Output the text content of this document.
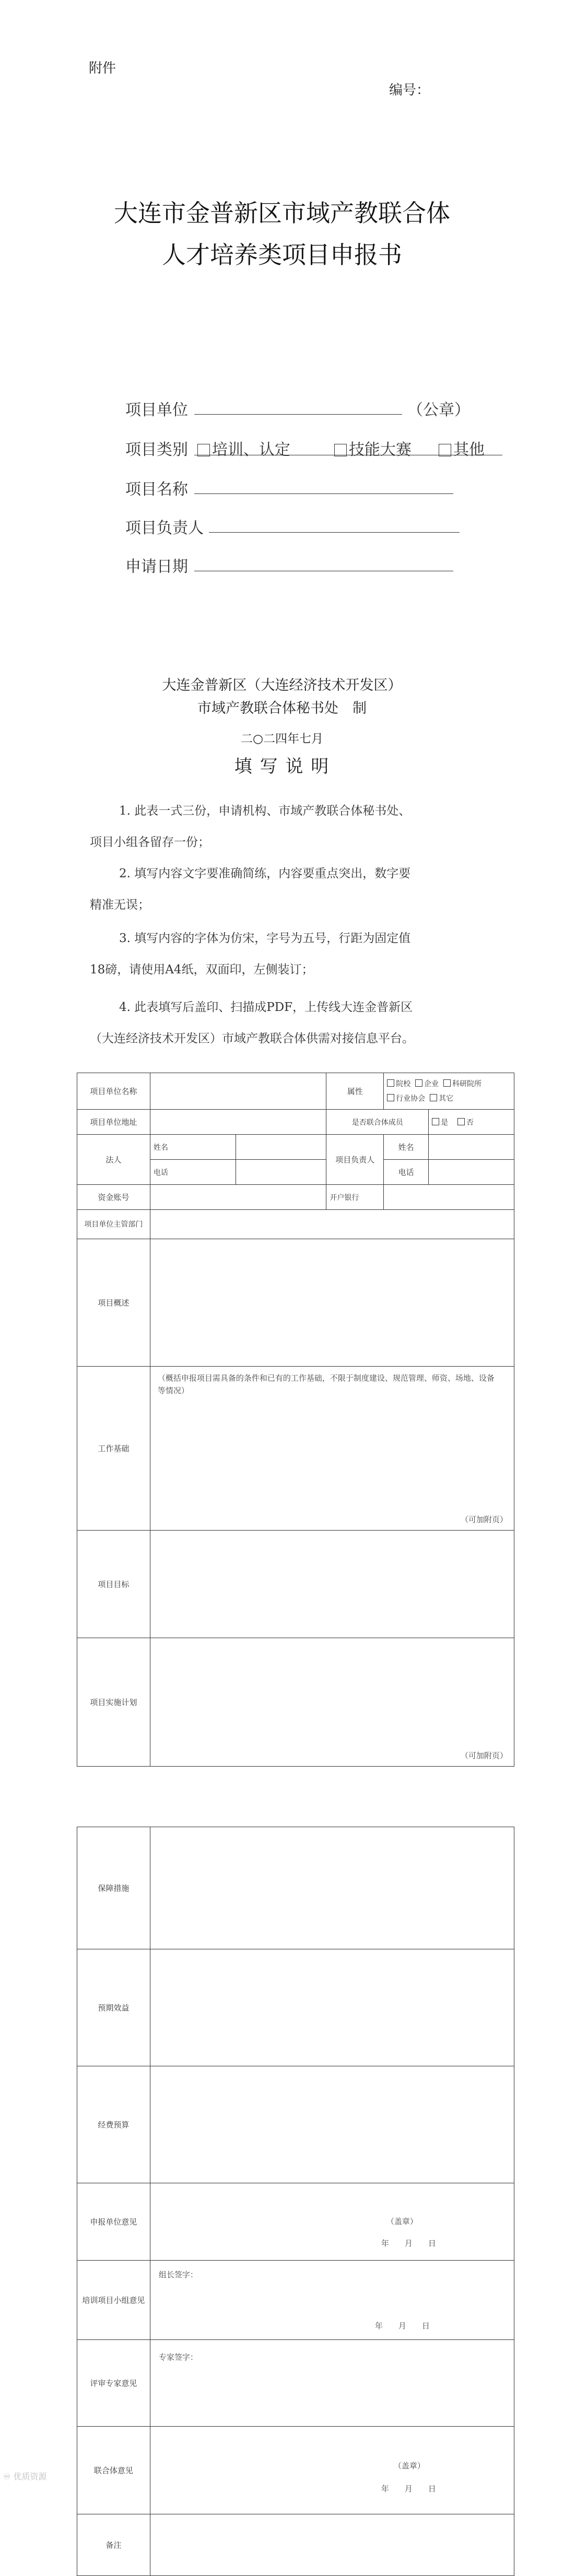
附件
编号：
大连市金普新区市域产教联合体
人才培养类项目申报书
项目单位	（公章）
项目类别	培训、认定	技能大赛	其他
项目名称
项目负责人
申请日期
大连金普新区（大连经济技术开发区）
市域产教联合体秘书处　制
二○二四年七月
填 写 说 明
1. 此表一式三份，申请机构、市域产教联合体秘书处、
项目小组各留存一份；
2. 填写内容文字要准确简练，内容要重点突出，数字要
精准无误；
3. 填写内容的字体为仿宋，字号为五号，行距为固定值
18磅，请使用A4纸，双面印，左侧装订；
4. 此表填写后盖印、扫描成PDF，上传线大连金普新区
（大连经济技术开发区）市域产教联合体供需对接信息平台。
项目单位名称			属性	院校 企业 科研院所
行业协会 其它	
项目单位地址			是否联合体成员		是 否
法人	姓名		项目负责人	姓名	
	电话			电话	
资金账号			开户银行		
项目单位主管部门					
项目概述					
工作基础	（概括申报项目需具备的条件和已有的工作基础，不限于制度建设、规范管理、师资、场地、设备等情况）
（可加附页）				

项目目标					
项目实施计划	（可加附页）				
保障措施	
预期效益	
经费预算	
申报单位意见	（盖章）
年　　月　　日

培训项目小组意见	组长签字：
年　　月　　日

评审专家意见	专家签字：

联合体意见	（盖章）
年　　月　　日

备注	
♾ 优质资源
